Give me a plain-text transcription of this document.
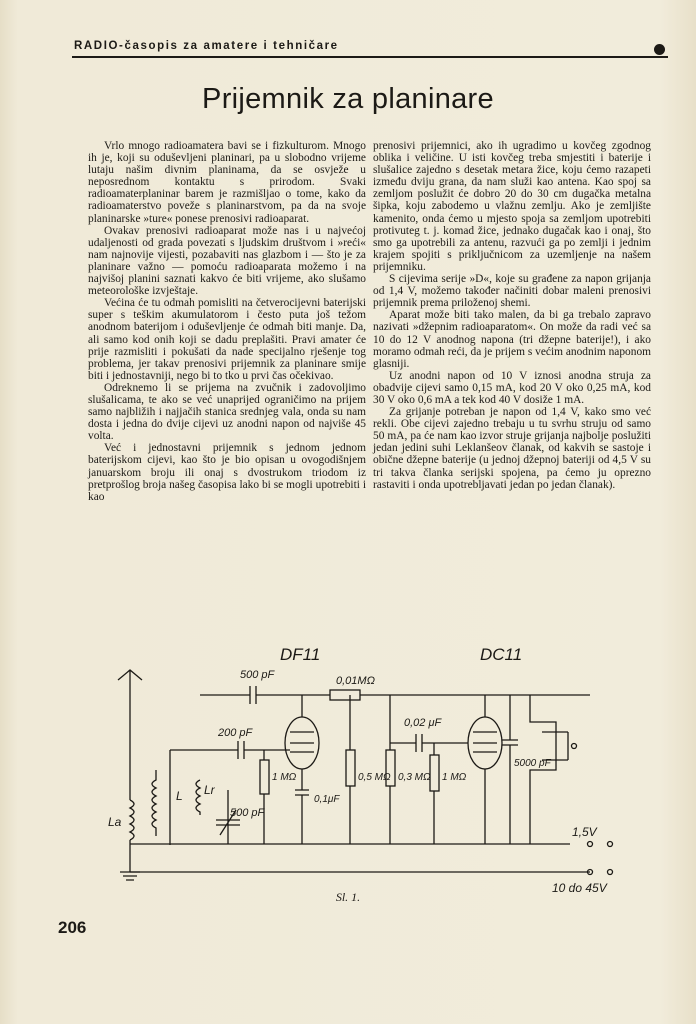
RADIO-časopis za amatere i tehničare
Prijemnik za planinare

Vrlo mnogo radioamatera bavi se i fizkulturom. Mnogo ih je, koji su oduševljeni planinari, pa u slobodno vrijeme lutaju našim divnim planinama, da se osvježe u neposrednom kontaktu s prirodom. Svaki radioamaterplaninar barem je razmišljao o tome, kako da radioamaterstvo poveže s planinarstvom, pa da na svoje planinarske »ture« ponese prenosivi radioaparat.

Ovakav prenosivi radioaparat može nas i u najvećoj udaljenosti od grada povezati s ljudskim društvom i »reći« nam najnovije vijesti, pozabaviti nas glazbom i — što je za planinare važno — pomoću radioaparata možemo i na najvišoj planini saznati kakvo će biti vrijeme, ako slušamo meteorološke izvještaje.

Većina će tu odmah pomisliti na četverocijevni baterijski super s teškim akumulatorom i često puta još težom anodnom baterijom i oduševljenje će odmah biti manje. Da, ali samo kod onih koji se dadu preplašiti. Pravi amater će prije razmisliti i pokušati da nade specijalno rješenje tog problema, jer takav prenosivi prijemnik za planinare smije biti i jednostavniji, nego bi to tko u prvi čas očekivao.

Odreknemo li se prijema na zvučnik i zadovoljimo slušalicama, te ako se već unaprijed ograničimo na prijem samo najbližih i najjačih stanica srednjeg vala, onda su nam dosta i jedna do dvije cijevi uz anodni napon od najviše 45 volta.

Već i jednostavni prijemnik s jednom jednom baterijskom cijevi, kao što je bio opisan u ovogodišnjem januarskom broju ili onaj s dvostrukom triodom iz pretprošlog broja našeg časopisa lako bi se mogli upotrebiti i kao

prenosivi prijemnici, ako ih ugradimo u kovčeg zgodnog oblika i veličine. U isti kovčeg treba smjestiti i baterije i slušalice zajedno s desetak metara žice, koju ćemo razapeti između dviju grana, da nam služi kao antena. Kao spoj sa zemljom poslužit će dobro 20 do 30 cm dugačka metalna šipka, koju zabodemo u vlažnu zemlju. Ako je zemljište kamenito, onda ćemo u mjesto spoja sa zemljom upotrebiti protivuteg t. j. komad žice, jednako dugačak kao i onaj, što smo ga upotrebili za antenu, razvući ga po zemlji i jednim krajem spojiti s priključnicom za uzemljenje na našem prijemniku.

S cijevima serije »D«, koje su građene za napon grijanja od 1,4 V, možemo također načiniti dobar maleni prenosivi prijemnik prema priloženoj shemi.

Aparat može biti tako malen, da bi ga trebalo zapravo nazivati »džepnim radioaparatom«. On može da radi već sa 10 do 12 V anodnog napona (tri džepne baterije!), i ako moramo odmah reći, da je prijem s većim anodnim naponom glasniji.

Uz anodni napon od 10 V iznosi anodna struja za obadvije cijevi samo 0,15 mA, kod 20 V oko 0,25 mA, kod 30 V oko 0,6 mA a tek kod 40 V dosiže 1 mA.

Za grijanje potreban je napon od 1,4 V, kako smo već rekli. Obe cijevi zajedno trebaju u tu svrhu struju od samo 50 mA, pa će nam kao izvor struje grijanja najbolje poslužiti jedan jedini suhi Leklanšeov članak, od kakvih se sastoje i obične džepne baterije (u jednoj džepnoj bateriji od 4,5 V su tri takva članka serijski spojena, pa ćemo ju oprezno rastaviti i onda upotrebljavati jedan po jedan članak).

DF11	DC11
500 pF	0,01MΩ
200 pF
0,02 μF
La
L Lr
500 pF
1 MΩ
0,1μF
0,5 MΩ 0,3 MΩ 1 MΩ
5000 pF
1,5V
10 do 45V
Sl. 1.
206
